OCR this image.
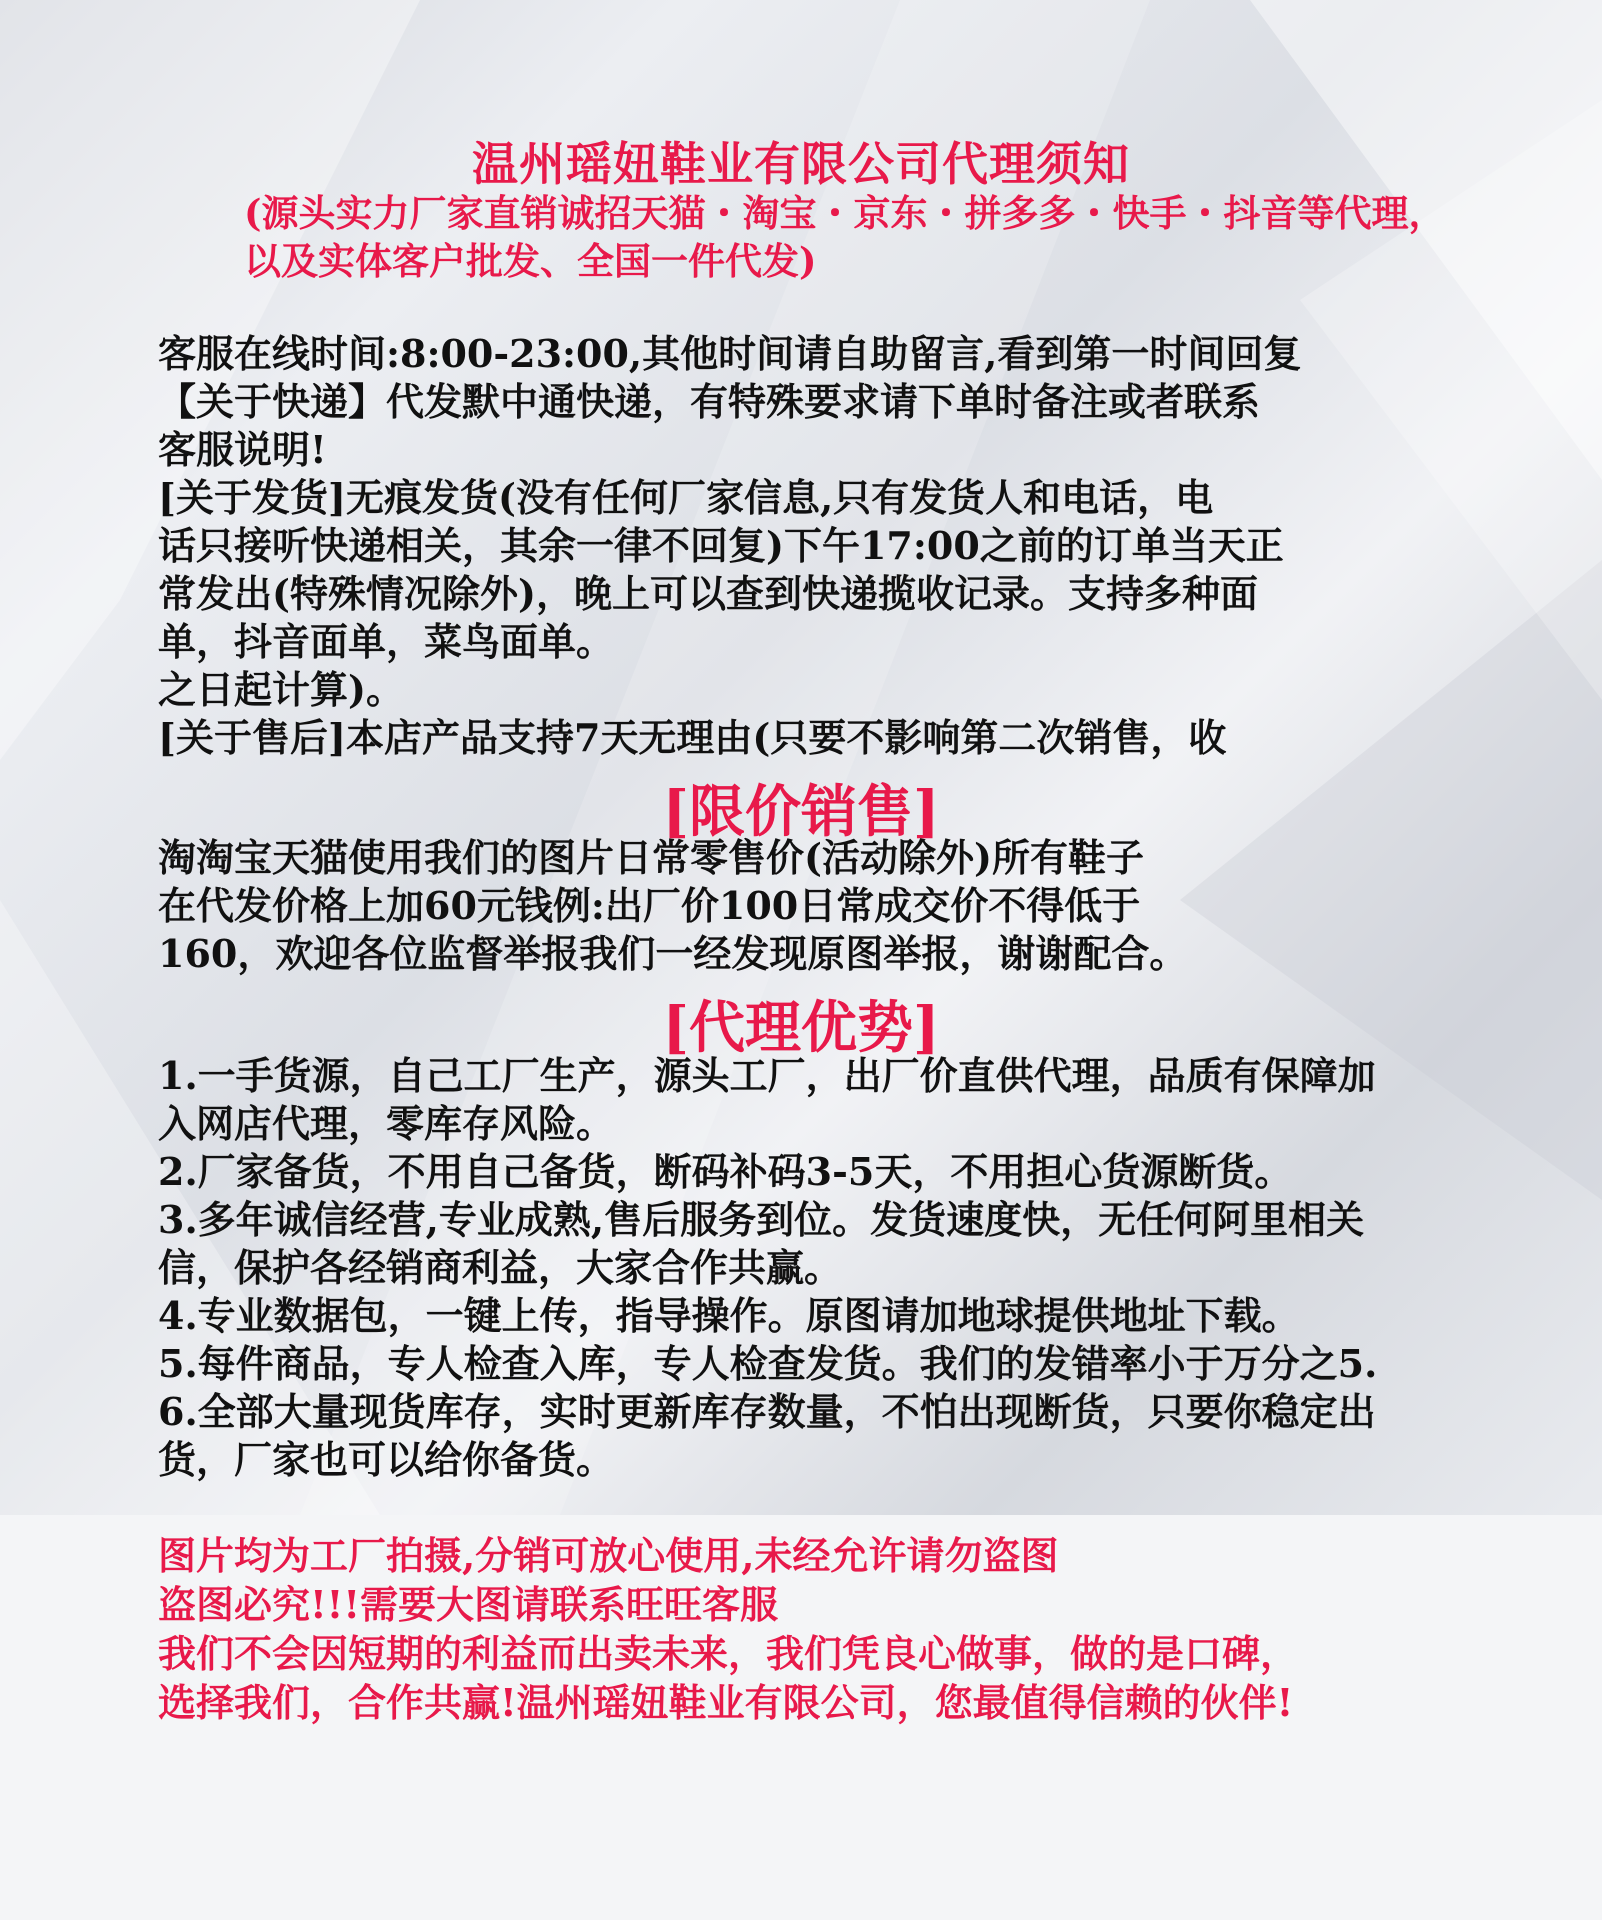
温州瑶妞鞋业有限公司代理须知
(源头实力厂家直销诚招天猫・淘宝・京东・拼多多・快手・抖音等代理，
以及实体客户批发、全国一件代发)
客服在线时间:8:00-23:00,其他时间请自助留言,看到第一时间回复
【关于快递】代发默中通快递，有特殊要求请下单时备注或者联系
客服说明!
[关于发货]无痕发货(没有任何厂家信息,只有发货人和电话，电
话只接听快递相关，其余一律不回复)下午17:00之前的订单当天正
常发出(特殊情况除外)，晚上可以查到快递揽收记录。支持多种面
单，抖音面单，菜鸟面单。
之日起计算)。
[关于售后]本店产品支持7天无理由(只要不影响第二次销售，收
[限价销售]
淘淘宝天猫使用我们的图片日常零售价(活动除外)所有鞋子
在代发价格上加60元钱例:出厂价100日常成交价不得低于
160，欢迎各位监督举报我们一经发现原图举报，谢谢配合。
[代理优势]
1.一手货源，自己工厂生产，源头工厂，出厂价直供代理，品质有保障加
入网店代理，零库存风险。
2.厂家备货，不用自己备货，断码补码3-5天，不用担心货源断货。
3.多年诚信经营,专业成熟,售后服务到位。发货速度快，无任何阿里相关
信，保护各经销商利益，大家合作共赢。
4.专业数据包，一键上传，指导操作。原图请加地球提供地址下载。
5.每件商品，专人检查入库，专人检查发货。我们的发错率小于万分之5.
6.全部大量现货库存，实时更新库存数量，不怕出现断货，只要你稳定出
货，厂家也可以给你备货。
图片均为工厂拍摄,分销可放心使用,未经允许请勿盗图
盗图必究!!!需要大图请联系旺旺客服
我们不会因短期的利益而出卖未来，我们凭良心做事，做的是口碑，
选择我们，合作共赢!温州瑶妞鞋业有限公司，您最值得信赖的伙伴!
